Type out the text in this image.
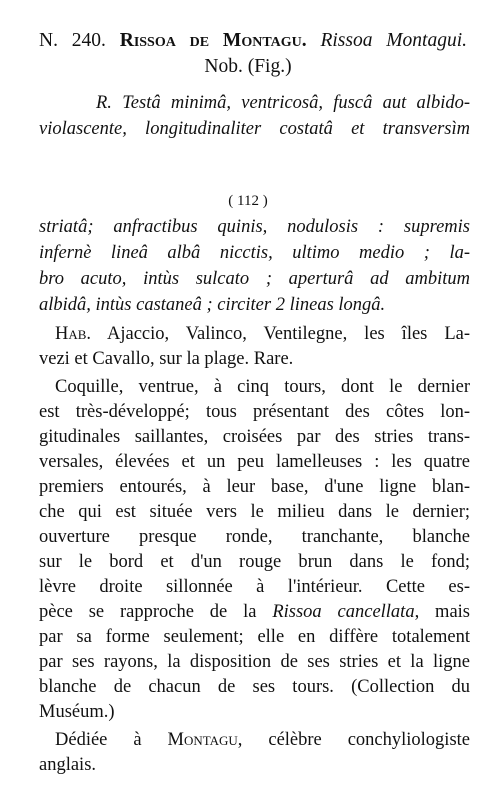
N. 240. Rissoa de Montagu. Rissoa Montagui.
Nob. (Fig.)
R. Testâ minimâ, ventricosâ, fuscâ aut albido-
violascente, longitudinaliter costatâ et transversìm
( 112 )
striatâ; anfractibus quinis, nodulosis : supremis
infernè lineâ albâ nicctis, ultimo medio ; la-
bro acuto, intùs sulcato ; aperturâ ad ambitum
albidâ, intùs castaneâ ; circiter 2 lineas longâ.
Hab. Ajaccio, Valinco, Ventilegne, les îles La-
vezi et Cavallo, sur la plage. Rare.
Coquille, ventrue, à cinq tours, dont le dernier
est très-développé; tous présentant des côtes lon-
gitudinales saillantes, croisées par des stries trans-
versales, élevées et un peu lamelleuses : les quatre
premiers entourés, à leur base, d'une ligne blan-
che qui est située vers le milieu dans le dernier;
ouverture presque ronde, tranchante, blanche
sur le bord et d'un rouge brun dans le fond;
lèvre droite sillonnée à l'intérieur. Cette es-
pèce se rapproche de la Rissoa cancellata, mais
par sa forme seulement; elle en diffère totalement
par ses rayons, la disposition de ses stries et la ligne
blanche de chacun de ses tours. (Collection du
Muséum.)
Dédiée à Montagu, célèbre conchyliologiste
anglais.
